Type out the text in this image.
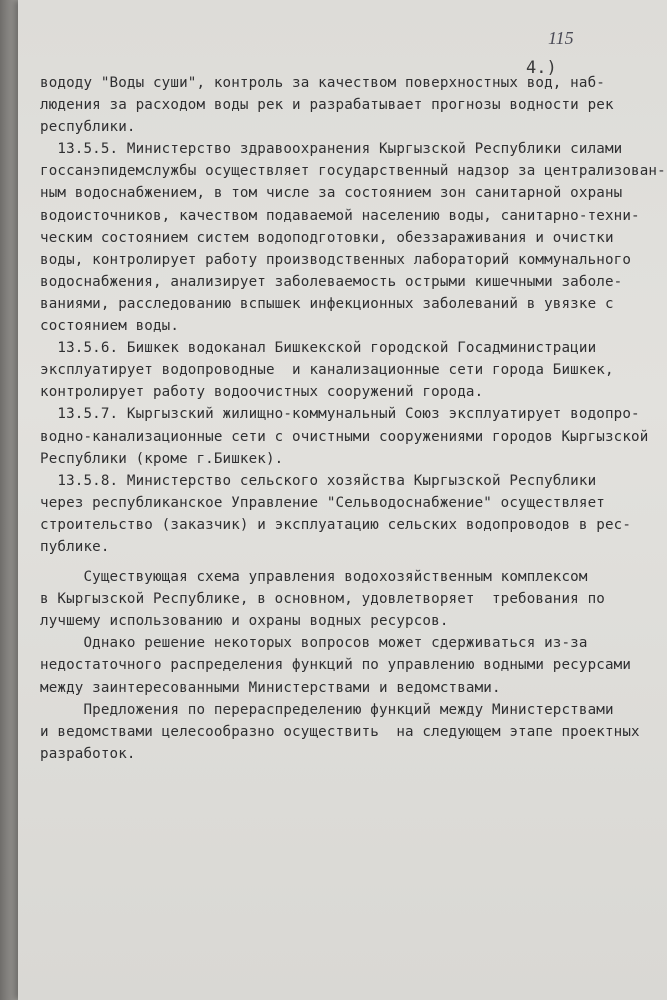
115
4.)
вододу "Воды суши", контроль за качеством поверхностных вод, наб-
людения за расходом воды рек и разрабатывает прогнозы водности рек
республики.
13.5.5. Министерство здравоохранения Кыргызской Республики силами
госсанэпидемслужбы осуществляет государственный надзор за централизован-
ным водоснабжением, в том числе за состоянием зон санитарной охраны
водоисточников, качеством подаваемой населению воды, санитарно-техни-
ческим состоянием систем водоподготовки, обеззараживания и очистки
воды, контролирует работу производственных лабораторий коммунального
водоснабжения, анализирует заболеваемость острыми кишечными заболе-
ваниями, расследованию вспышек инфекционных заболеваний в увязке с
состоянием воды.
13.5.6. Бишкек водоканал Бишкекской городской Госадминистрации
эксплуатирует водопроводные  и канализационные сети города Бишкек,
контролирует работу водоочистных сооружений города.
13.5.7. Кыргызский жилищно-коммунальный Союз эксплуатирует водопро-
водно-канализационные сети с очистными сооружениями городов Кыргызской
Республики (кроме г.Бишкек).
13.5.8. Министерство сельского хозяйства Кыргызской Республики
через республиканское Управление "Сельводоснабжение" осуществляет
строительство (заказчик) и эксплуатацию сельских водопроводов в рес-
публике.
Существующая схема управления водохозяйственным комплексом
в Кыргызской Республике, в основном, удовлетворяет  требования по
лучшему использованию и охраны водных ресурсов.
Однако решение некоторых вопросов может сдерживаться из-за
недостаточного распределения функций по управлению водными ресурсами
между заинтересованными Министерствами и ведомствами.
Предложения по перераспределению функций между Министерствами
и ведомствами целесообразно осуществить  на следующем этапе проектных
разработок.
